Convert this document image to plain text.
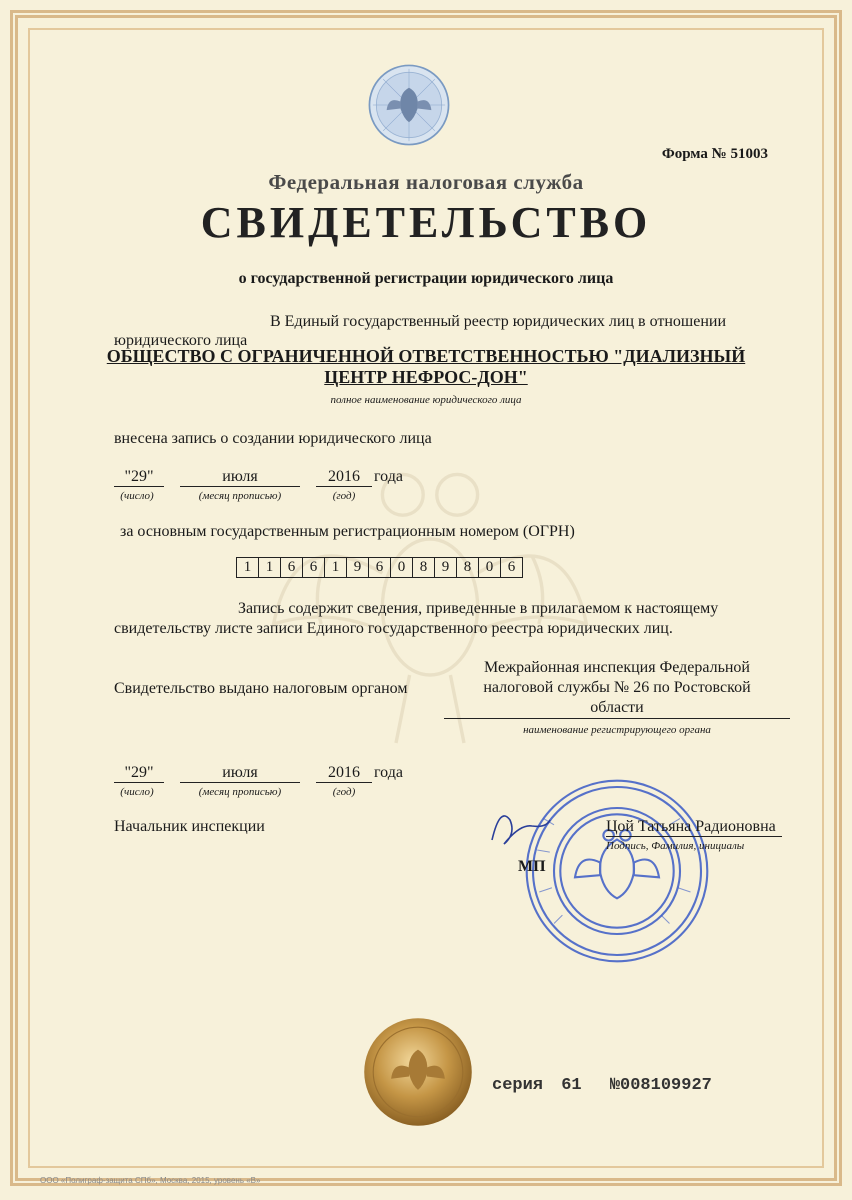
Форма № 51003
Федеральная налоговая служба
СВИДЕТЕЛЬСТВО
о государственной регистрации юридического лица
В Единый государственный реестр юридических лиц в отношении
юридического лица
ОБЩЕСТВО С ОГРАНИЧЕННОЙ ОТВЕТСТВЕННОСТЬЮ "ДИАЛИЗНЫЙ
ЦЕНТР НЕФРОС-ДОН"
полное наименование юридического лица
внесена запись о создании юридического лица
"29"	июля	2016 года
(число)	(месяц прописью)	(год)
за основным государственным регистрационным номером (ОГРН)
1 1 6 6 1 9 6 0 8 9 8 0 6
Запись содержит сведения, приведенные в прилагаемом к настоящему
свидетельству листе записи Единого государственного реестра юридических лиц.
Свидетельство выдано налоговым органом
Межрайонная инспекция Федеральной
налоговой службы № 26 по Ростовской
области
наименование регистрирующего органа
"29"	июля	2016 года
(число)	(месяц прописью)	(год)
Начальник инспекции	Цой Татьяна Радионовна
Подпись, Фамилия, инициалы
МП
серия 61 №008109927
ООО «Полиграф-защита СПб», Москва, 2015, уровень «В»
